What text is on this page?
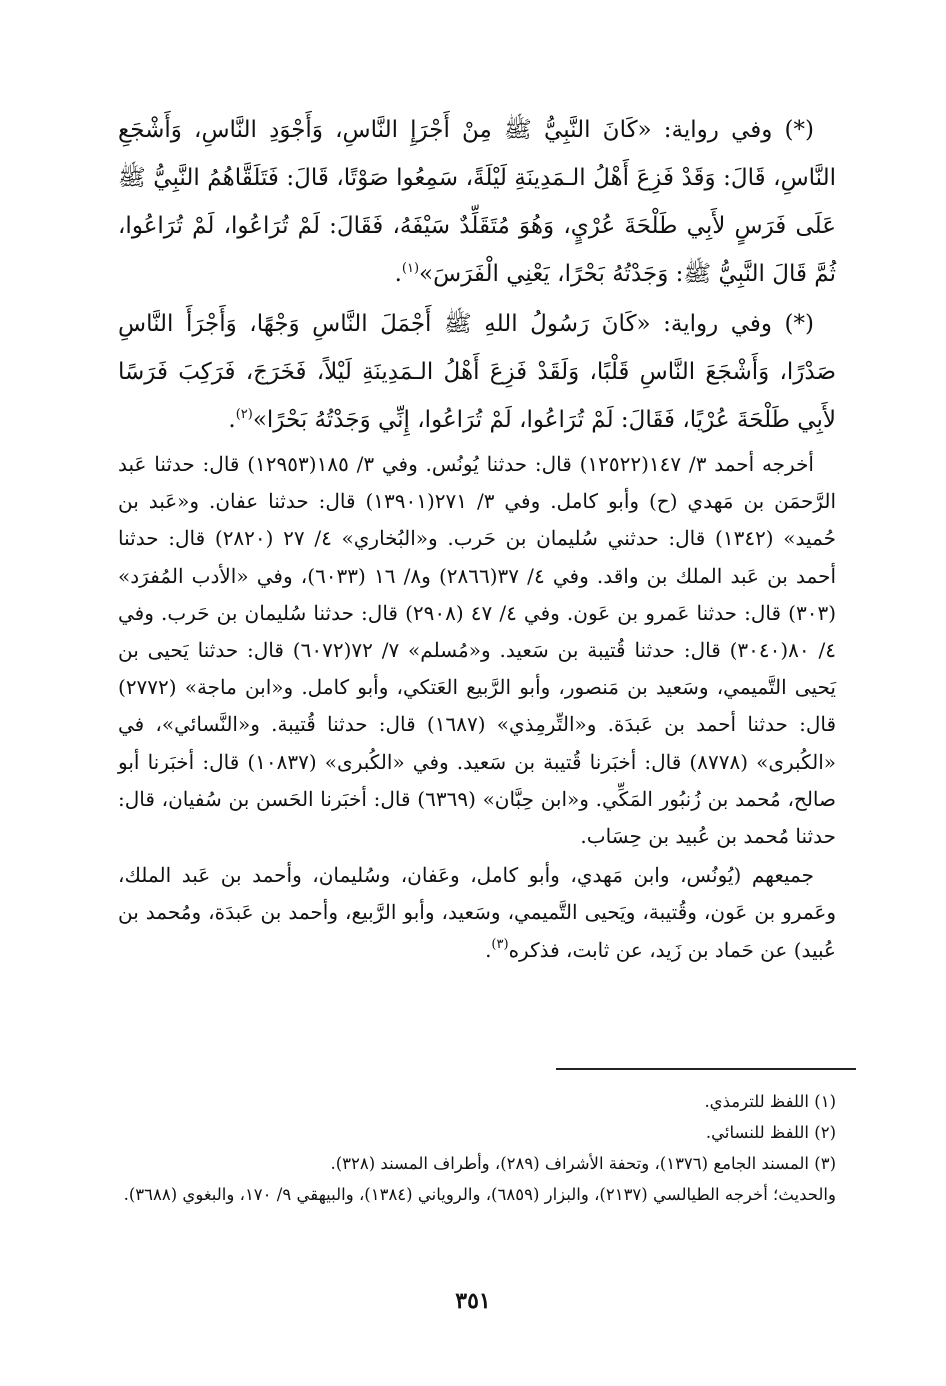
(*) وفي رواية: «كَانَ النَّبِيُّ ﷺ مِنْ أَجْرَإِ النَّاسِ، وَأَجْوَدِ النَّاسِ، وَأَشْجَعِ النَّاسِ، قَالَ: وَقَدْ فَزِعَ أَهْلُ الـمَدِينَةِ لَيْلَةً، سَمِعُوا صَوْتًا، قَالَ: فَتَلَقَّاهُمُ النَّبِيُّ ﷺ عَلَى فَرَسٍ لأَبِي طَلْحَةَ عُرْيٍ، وَهُوَ مُتَقَلِّدٌ سَيْفَهُ، فَقَالَ: لَمْ تُرَاعُوا، لَمْ تُرَاعُوا، ثُمَّ قَالَ النَّبِيُّ ﷺ: وَجَدْتُهُ بَحْرًا، يَعْنِي الْفَرَسَ»$^{(١)}$.

(*) وفي رواية: «كَانَ رَسُولُ اللهِ ﷺ أَجْمَلَ النَّاسِ وَجْهًا، وَأَجْرَأَ النَّاسِ صَدْرًا، وَأَشْجَعَ النَّاسِ قَلْبًا، وَلَقَدْ فَزِعَ أَهْلُ الـمَدِينَةِ لَيْلاً، فَخَرَجَ، فَرَكِبَ فَرَسًا لأَبِي طَلْحَةَ عُرْيًا، فَقَالَ: لَمْ تُرَاعُوا، لَمْ تُرَاعُوا، إِنِّي وَجَدْتُهُ بَحْرًا»$^{(٢)}$.

أخرجه أحمد ٣/ ١٤٧(١٢٥٢٢) قال: حدثنا يُونُس. وفي ٣/ ١٨٥(١٢٩٥٣) قال: حدثنا عَبد الرَّحمَن بن مَهدي (ح) وأبو كامل. وفي ٣/ ٢٧١(١٣٩٠١) قال: حدثنا عفان. و«عَبد بن حُميد» (١٣٤٢) قال: حدثني سُليمان بن حَرب. و«البُخاري» ٤/ ٢٧ (٢٨٢٠) قال: حدثنا أحمد بن عَبد الملك بن واقد. وفي ٤/ ٣٧(٢٨٦٦) و٨/ ١٦ (٦٠٣٣)، وفي «الأدب المُفرَد» (٣٠٣) قال: حدثنا عَمرو بن عَون. وفي ٤/ ٤٧ (٢٩٠٨) قال: حدثنا سُليمان بن حَرب. وفي ٤/ ٨٠(٣٠٤٠) قال: حدثنا قُتيبة بن سَعيد. و«مُسلم» ٧/ ٧٢(٦٠٧٢) قال: حدثنا يَحيى بن يَحيى التَّميمي، وسَعيد بن مَنصور، وأبو الرَّبيع العَتكي، وأبو كامل. و«ابن ماجة» (٢٧٧٢) قال: حدثنا أحمد بن عَبدَة. و«التِّرمِذي» (١٦٨٧) قال: حدثنا قُتيبة. و«النَّسائي»، في «الكُبرى» (٨٧٧٨) قال: أخبَرنا قُتيبة بن سَعيد. وفي «الكُبرى» (١٠٨٣٧) قال: أخبَرنا أبو صالح، مُحمد بن زُنبُور المَكِّي. و«ابن حِبَّان» (٦٣٦٩) قال: أخبَرنا الحَسن بن سُفيان، قال: حدثنا مُحمد بن عُبيد بن حِسَاب.

جميعهم (يُونُس، وابن مَهدي، وأبو كامل، وعَفان، وسُليمان، وأحمد بن عَبد الملك، وعَمرو بن عَون، وقُتيبة، ويَحيى التَّميمي، وسَعيد، وأبو الرَّبيع، وأحمد بن عَبدَة، ومُحمد بن عُبيد) عن حَماد بن زَيد، عن ثابت، فذكره$^{(٣)}$.

(١) اللفظ للترمذي.

(٢) اللفظ للنسائي.

(٣) المسند الجامع (١٣٧٦)، وتحفة الأشراف (٢٨٩)، وأطراف المسند (٣٢٨).

والحديث؛ أخرجه الطيالسي (٢١٣٧)، والبزار (٦٨٥٩)، والروياني (١٣٨٤)، والبيهقي ٩/ ١٧٠، والبغوي (٣٦٨٨).

٣٥١
